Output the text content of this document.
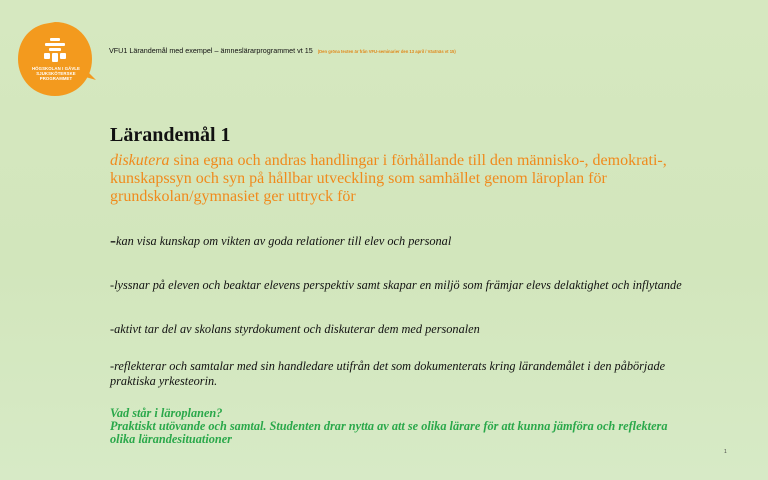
HÖGSKOLAN I GÄVLE
SJUKSKÖTERSKE
PROGRAMMET
VFU1 Lärandemål med exempel – ämneslärarprogrammet vt 15 (Den gröna texten är från VFU-seminarier den 13 april / Växtnäs vt 15)
Lärandemål 1

diskutera sina egna och andras handlingar i förhållande till den människo-, demokrati-, kunskapssyn och syn på hållbar utveckling som samhället genom läroplan för grundskolan/gymnasiet ger uttryck för

-kan visa kunskap om vikten av goda relationer till elev och personal

-lyssnar på eleven och beaktar elevens perspektiv samt skapar en miljö som främjar elevs delaktighet och inflytande

-aktivt tar del av skolans styrdokument och diskuterar dem med personalen

-reflekterar och samtalar med sin handledare utifrån det som dokumenterats kring lärandemålet i den påbörjade praktiska yrkesteorin.

Vad står i läroplanen?

Praktiskt utövande och samtal. Studenten drar nytta av att se olika lärare för att kunna jämföra och reflektera olika lärandesituationer

1
